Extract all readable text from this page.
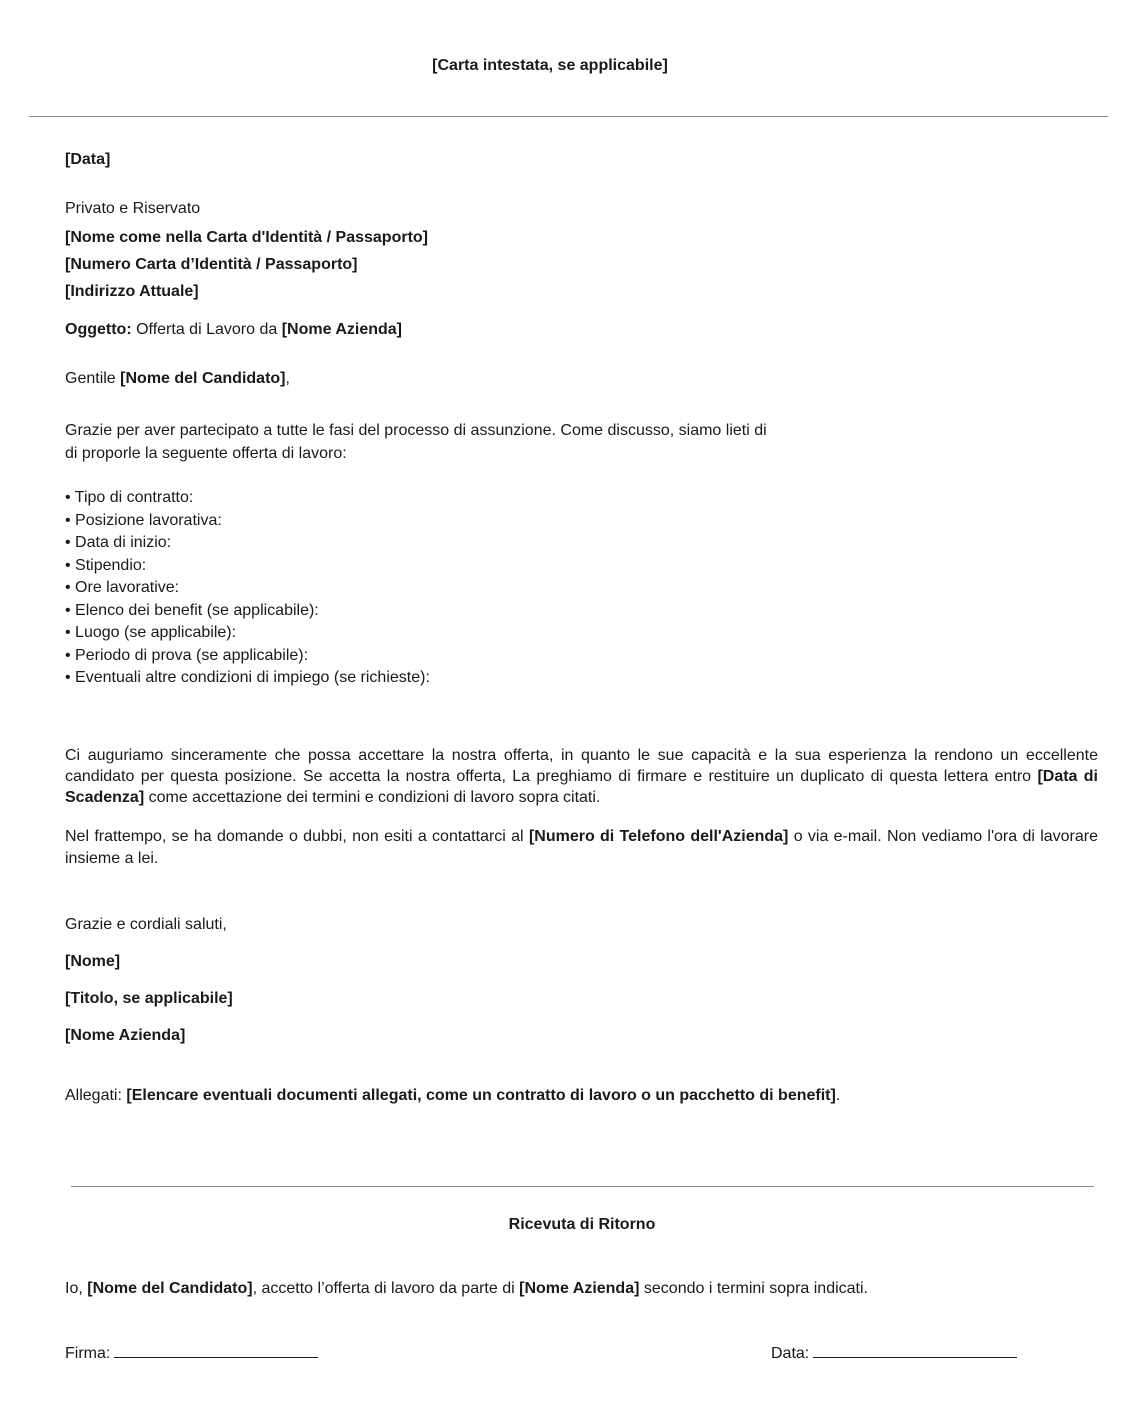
[Carta intestata, se applicabile]
[Data]
Privato e Riservato
[Nome come nella Carta d'Identità / Passaporto]
[Numero Carta d’Identità / Passaporto]
[Indirizzo Attuale]
Oggetto: Offerta di Lavoro da [Nome Azienda]
Gentile [Nome del Candidato],
Grazie per aver partecipato a tutte le fasi del processo di assunzione. Come discusso, siamo lieti di
di proporle la seguente offerta di lavoro:
• Tipo di contratto:
• Posizione lavorativa:
• Data di inizio:
• Stipendio:
• Ore lavorative:
• Elenco dei benefit (se applicabile):
• Luogo (se applicabile):
• Periodo di prova (se applicabile):
• Eventuali altre condizioni di impiego (se richieste):
Ci auguriamo sinceramente che possa accettare la nostra offerta, in quanto le sue capacità e la sua esperienza la rendono un eccellente candidato per questa posizione. Se accetta la nostra offerta, La preghiamo di firmare e restituire un duplicato di questa lettera entro [Data di Scadenza] come accettazione dei termini e condizioni di lavoro sopra citati.
Nel frattempo, se ha domande o dubbi, non esiti a contattarci al [Numero di Telefono dell'Azienda] o via e-mail. Non vediamo l'ora di lavorare insieme a lei.
Grazie e cordiali saluti,
[Nome]
[Titolo, se applicabile]
[Nome Azienda]
Allegati: [Elencare eventuali documenti allegati, come un contratto di lavoro o un pacchetto di benefit].
Ricevuta di Ritorno
Io, [Nome del Candidato], accetto l’offerta di lavoro da parte di [Nome Azienda] secondo i termini sopra indicati.
Firma:	Data:
